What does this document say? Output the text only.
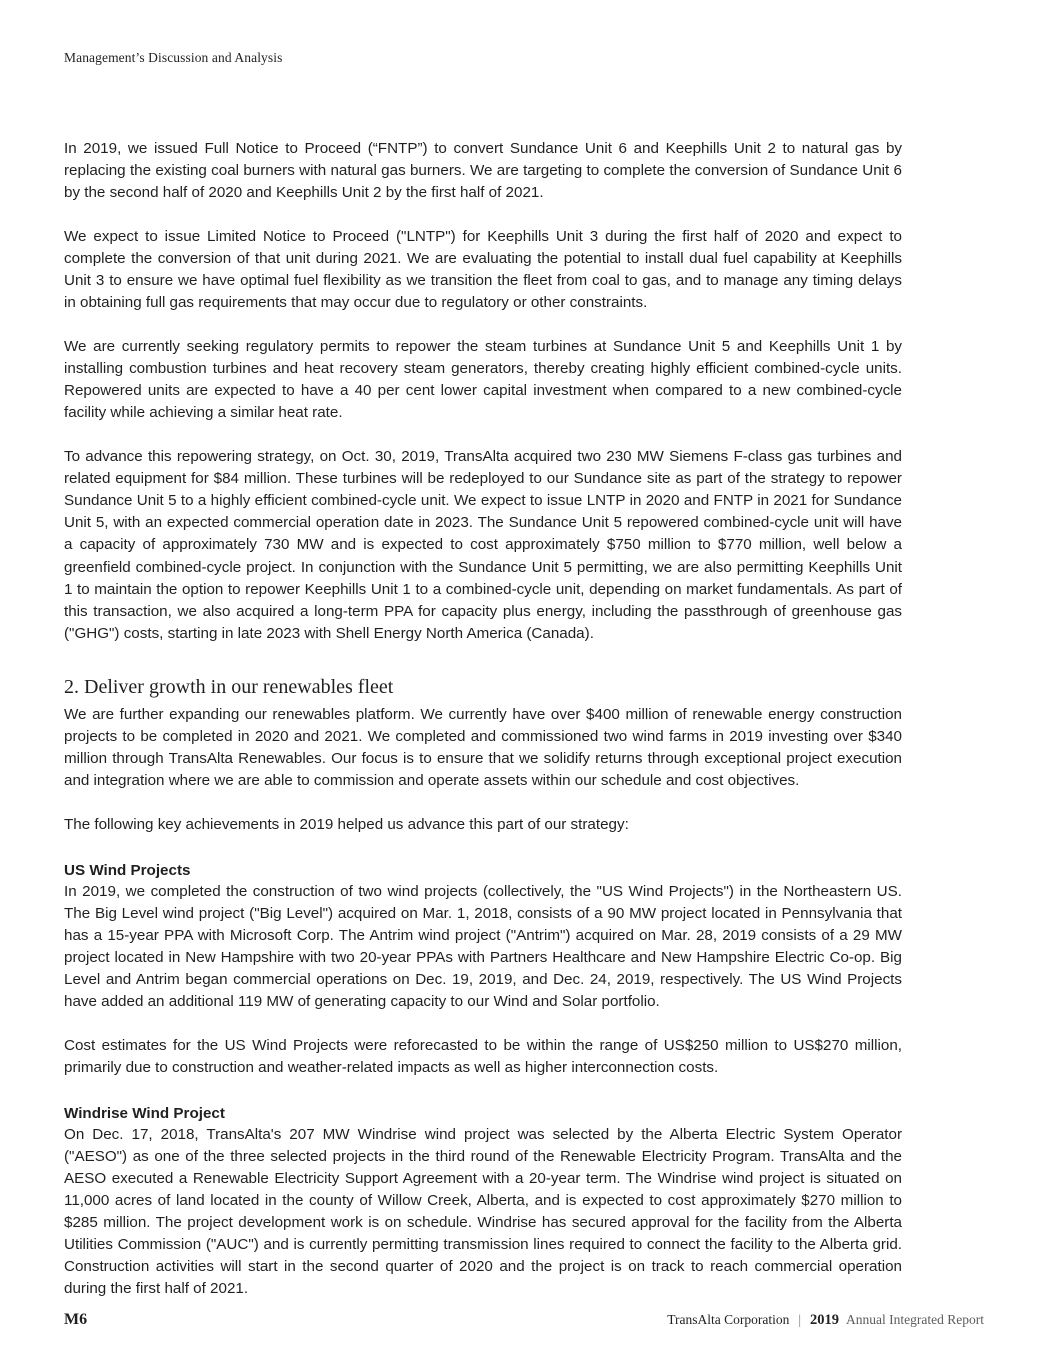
Management’s Discussion and Analysis

In 2019, we issued Full Notice to Proceed (“FNTP”) to convert Sundance Unit 6 and Keephills Unit 2 to natural gas by replacing the existing coal burners with natural gas burners. We are targeting to complete the conversion of Sundance Unit 6 by the second half of 2020 and Keephills Unit 2 by the first half of 2021.

We expect to issue Limited Notice to Proceed ("LNTP") for Keephills Unit 3 during the first half of 2020 and expect to complete the conversion of that unit during 2021. We are evaluating the potential to install dual fuel capability at Keephills Unit 3 to ensure we have optimal fuel flexibility as we transition the fleet from coal to gas, and to manage any timing delays in obtaining full gas requirements that may occur due to regulatory or other constraints.

We are currently seeking regulatory permits to repower the steam turbines at Sundance Unit 5 and Keephills Unit 1 by installing combustion turbines and heat recovery steam generators, thereby creating highly efficient combined-cycle units. Repowered units are expected to have a 40 per cent lower capital investment when compared to a new combined-cycle facility while achieving a similar heat rate.

To advance this repowering strategy, on Oct. 30, 2019, TransAlta acquired two 230 MW Siemens F-class gas turbines and related equipment for $84 million. These turbines will be redeployed to our Sundance site as part of the strategy to repower Sundance Unit 5 to a highly efficient combined-cycle unit. We expect to issue LNTP in 2020 and FNTP in 2021 for Sundance Unit 5, with an expected commercial operation date in 2023. The Sundance Unit 5 repowered combined-cycle unit will have a capacity of approximately 730 MW and is expected to cost approximately $750 million to $770 million, well below a greenfield combined-cycle project. In conjunction with the Sundance Unit 5 permitting, we are also permitting Keephills Unit 1 to maintain the option to repower Keephills Unit 1 to a combined-cycle unit, depending on market fundamentals. As part of this transaction, we also acquired a long-term PPA for capacity plus energy, including the passthrough of greenhouse gas ("GHG") costs, starting in late 2023 with Shell Energy North America (Canada).

2. Deliver growth in our renewables fleet

We are further expanding our renewables platform. We currently have over $400 million of renewable energy construction projects to be completed in 2020 and 2021. We completed and commissioned two wind farms in 2019 investing over $340 million through TransAlta Renewables. Our focus is to ensure that we solidify returns through exceptional project execution and integration where we are able to commission and operate assets within our schedule and cost objectives.

The following key achievements in 2019 helped us advance this part of our strategy:

US Wind Projects

In 2019, we completed the construction of two wind projects (collectively, the "US Wind Projects") in the Northeastern US. The Big Level wind project ("Big Level") acquired on Mar. 1, 2018, consists of a 90 MW project located in Pennsylvania that has a 15-year PPA with Microsoft Corp. The Antrim wind project ("Antrim") acquired on Mar. 28, 2019 consists of a 29 MW project located in New Hampshire with two 20-year PPAs with Partners Healthcare and New Hampshire Electric Co-op. Big Level and Antrim began commercial operations on Dec. 19, 2019, and Dec. 24, 2019, respectively. The US Wind Projects have added an additional 119 MW of generating capacity to our Wind and Solar portfolio.

Cost estimates for the US Wind Projects were reforecasted to be within the range of US$250 million to US$270 million, primarily due to construction and weather-related impacts as well as higher interconnection costs.

Windrise Wind Project

On Dec. 17, 2018, TransAlta's 207 MW Windrise wind project was selected by the Alberta Electric System Operator ("AESO") as one of the three selected projects in the third round of the Renewable Electricity Program. TransAlta and the AESO executed a Renewable Electricity Support Agreement with a 20-year term. The Windrise wind project is situated on 11,000 acres of land located in the county of Willow Creek, Alberta, and is expected to cost approximately $270 million to $285 million. The project development work is on schedule. Windrise has secured approval for the facility from the Alberta Utilities Commission ("AUC") and is currently permitting transmission lines required to connect the facility to the Alberta grid. Construction activities will start in the second quarter of 2020 and the project is on track to reach commercial operation during the first half of 2021.

M6	TransAlta Corporation | 2019 Annual Integrated Report
